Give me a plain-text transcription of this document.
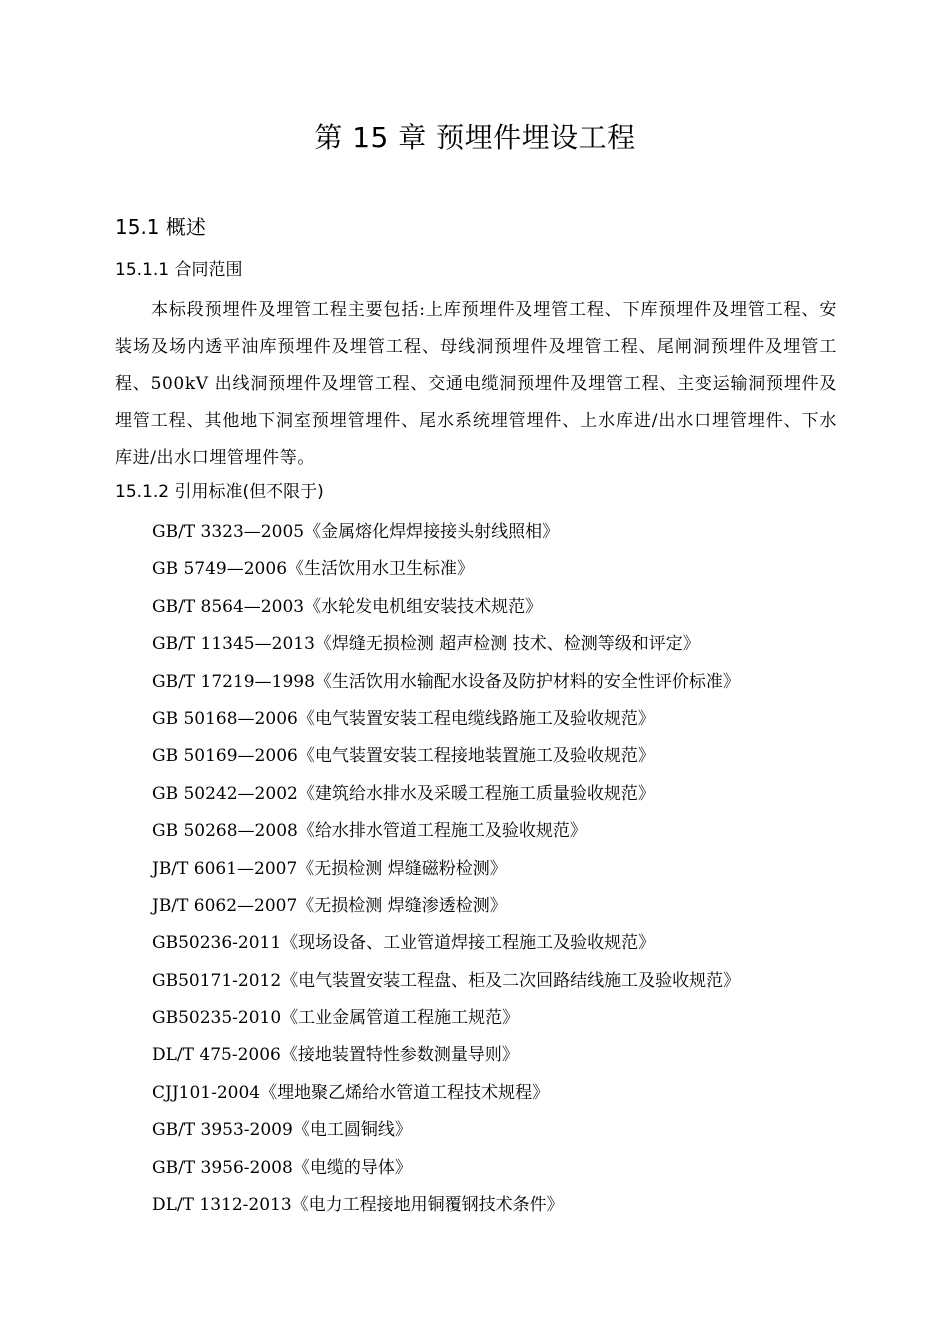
第 15 章 预埋件埋设工程
15.1 概述
15.1.1 合同范围
本标段预埋件及埋管工程主要包括:上库预埋件及埋管工程、下库预埋件及埋管工程、安装场及场内透平油库预埋件及埋管工程、母线洞预埋件及埋管工程、尾闸洞预埋件及埋管工程、500kV 出线洞预埋件及埋管工程、交通电缆洞预埋件及埋管工程、主变运输洞预埋件及埋管工程、其他地下洞室预埋管埋件、尾水系统埋管埋件、上水库进/出水口埋管埋件、下水库进/出水口埋管埋件等。
15.1.2 引用标准(但不限于)
GB/T 3323—2005《金属熔化焊焊接接头射线照相》
GB 5749—2006《生活饮用水卫生标准》
GB/T 8564—2003《水轮发电机组安装技术规范》
GB/T 11345—2013《焊缝无损检测 超声检测 技术、检测等级和评定》
GB/T 17219—1998《生活饮用水输配水设备及防护材料的安全性评价标准》
GB 50168—2006《电气装置安装工程电缆线路施工及验收规范》
GB 50169—2006《电气装置安装工程接地装置施工及验收规范》
GB 50242—2002《建筑给水排水及采暖工程施工质量验收规范》
GB 50268—2008《给水排水管道工程施工及验收规范》
JB/T 6061—2007《无损检测 焊缝磁粉检测》
JB/T 6062—2007《无损检测 焊缝渗透检测》
GB50236-2011《现场设备、工业管道焊接工程施工及验收规范》
GB50171-2012《电气装置安装工程盘、柜及二次回路结线施工及验收规范》
GB50235-2010《工业金属管道工程施工规范》
DL/T 475-2006《接地装置特性参数测量导则》
CJJ101-2004《埋地聚乙烯给水管道工程技术规程》
GB/T 3953-2009《电工圆铜线》
GB/T 3956-2008《电缆的导体》
DL/T 1312-2013《电力工程接地用铜覆钢技术条件》
